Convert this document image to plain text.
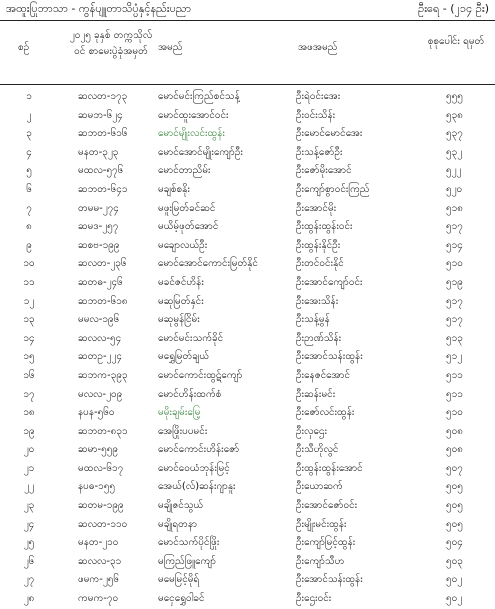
အထူးပြုဘာသာ - ကွန်ပျူတာသိပ္ပံနှင့်နည်းပညာ	ဦးရေ - (၂၁၄ ဦး)
စဉ်
၂၀၂၅ ခုနှစ် တက္ကသိုလ်ဝင် စာမေးပွဲခုံအမှတ်	အမည်	အဖအမည်
စုစုပေါင်း ရမှတ်
၁	ဆလတ-၁၇၃	မောင်မင်းကြည်စင်သန့်	ဦးရဲဝင်းအေး	၅၅၅
၂	ဆမဘ-၆၂၄	မောင်ထူးအောင်ဝင်း	ဦးဝင်းသိန်း	၅၃၈
၃	ဆဘတ-၆၁၆	မောင်မျိုးလင်းထွန်း	ဦးမောင်မောင်အေး	၅၃၇
၄	မနတ-၃၂၃	မောင်အောင်မျိုးကျော်ဦး	ဦးသန့်ဇော်ဦး	၅၃၂
၅	မထလ-၅၇၆	မောင်တာညိမ်း	ဦးဇော်မိုးအောင်	၅၂၂
၆	ဆဘတ-၆၄၁	မချစ်စနိုး	ဦးကျော်စွာဝင်းကြည်	၅၂၀
၇	တမမ-၂၇၄	မဖူးမြတ်ခင်ဆင်	ဦးအောင်မိုး	၅၁၈
၈	ဆမဒ-၂၅၇	မယိမ့်ဖုတ်အောင်	ဦးထွန်းထွန်းဝင်း	၅၁၇
၉	ဆစဗ-၁၉၉	မချောလယ်ဦး	ဦးထွန်းနိုင်ဦး	၅၁၄
၁၀	ဆလတ-၂၃၆	မောင်အောင်ကောင်းမြတ်နိုင်	ဦးတင်ဝင်းနိုင်	၅၁၀
၁၁	ဆတဓ-၂၄၆	မခင်ဇင်ဟိန်း	ဦးအောင်ကျော်ဝင်း	၅၁၉
၁၂	ဆဘတ-၆၁၈	မဆုမြတ်နှင်း	ဦးအေးသိန်း	၅၁၇
၁၃	မမလ-၁၉၆	မဆုမွန်ငြိမ်း	ဦးသန့်မွန်	၅၁၇
၁၄	ဆလလ-၅၄	မောင်မင်းသက်ခိုင်	ဦးဉာဏ်သိန်း	၅၁၃
၁၅	ဆတဥ-၂၂၄	မရွှေမြတ်ချယ်	ဦးအောင်သန်းထွန်း	၅၁၂
၁၆	ဆဘက-၃၉၃	မောင်ကောင်းထွဋ်ကျော်	ဦးနေဇင်အောင်	၅၁၁
၁၇	မလလ-၂၀၉	မောင်ဟိန်းထက်စံ	ဦးဆန်းမင်း	၅၁၁
၁၈	နပန-၅၆၀	မမိုးချမ်းမြေ့	ဦးဇော်လင်းထွန်း	၅၁၀
၁၉	ဆဘတ-၈၃၁	အေဖြိုးပပမင်း	ဦးလှဌေး	၅၀၈
၂၀	ဆမာ-၅၅၉	မောင်ကောင်းဟိန်းဇော်	ဦးသီဟိုလွင်	၅၀၈
၂၁	မထလ-၆၁၇	မောင်ဝေယံဘုန်းမြင့်	ဦးထွန်းထွန်းအောင်	၅၀၇
၂၂	နပဓ-၁၅၅	အေယ်(လ်)ဆန်းဂျာနူး	ဦးယောဆက်	၅၀၅
၂၃	ဆတမ-၁၉၉	မချိုဇင်သွယ်	ဦးအောင်ဇော်ဝင်း	၅၀၅
၂၄	ဆလတ-၁၁၀	မချိုရတနာ	ဦးမျိုးမင်းထွန်း	၅၀၅
၂၅	မနတ-၂၁၀	မောင်သက်ပိုင်ဖြိုး	ဦးကျော်မြင့်ထွန်း	၅၀၄
၂၆	ဆလလ-၃၁	မကြည်ဖြူကျော်	ဦးကျော်သီဟ	၅၀၃
၂၇	ဖမက-၂၅၆	မမေမြင့်မိုရ်	ဦးအောင်သန်းထွန်း	၅၀၂
၂၈	ကမက-၇၀	မငှေရွှေဝါခင်	ဦးဌေးဝင်း	၅၀၂
